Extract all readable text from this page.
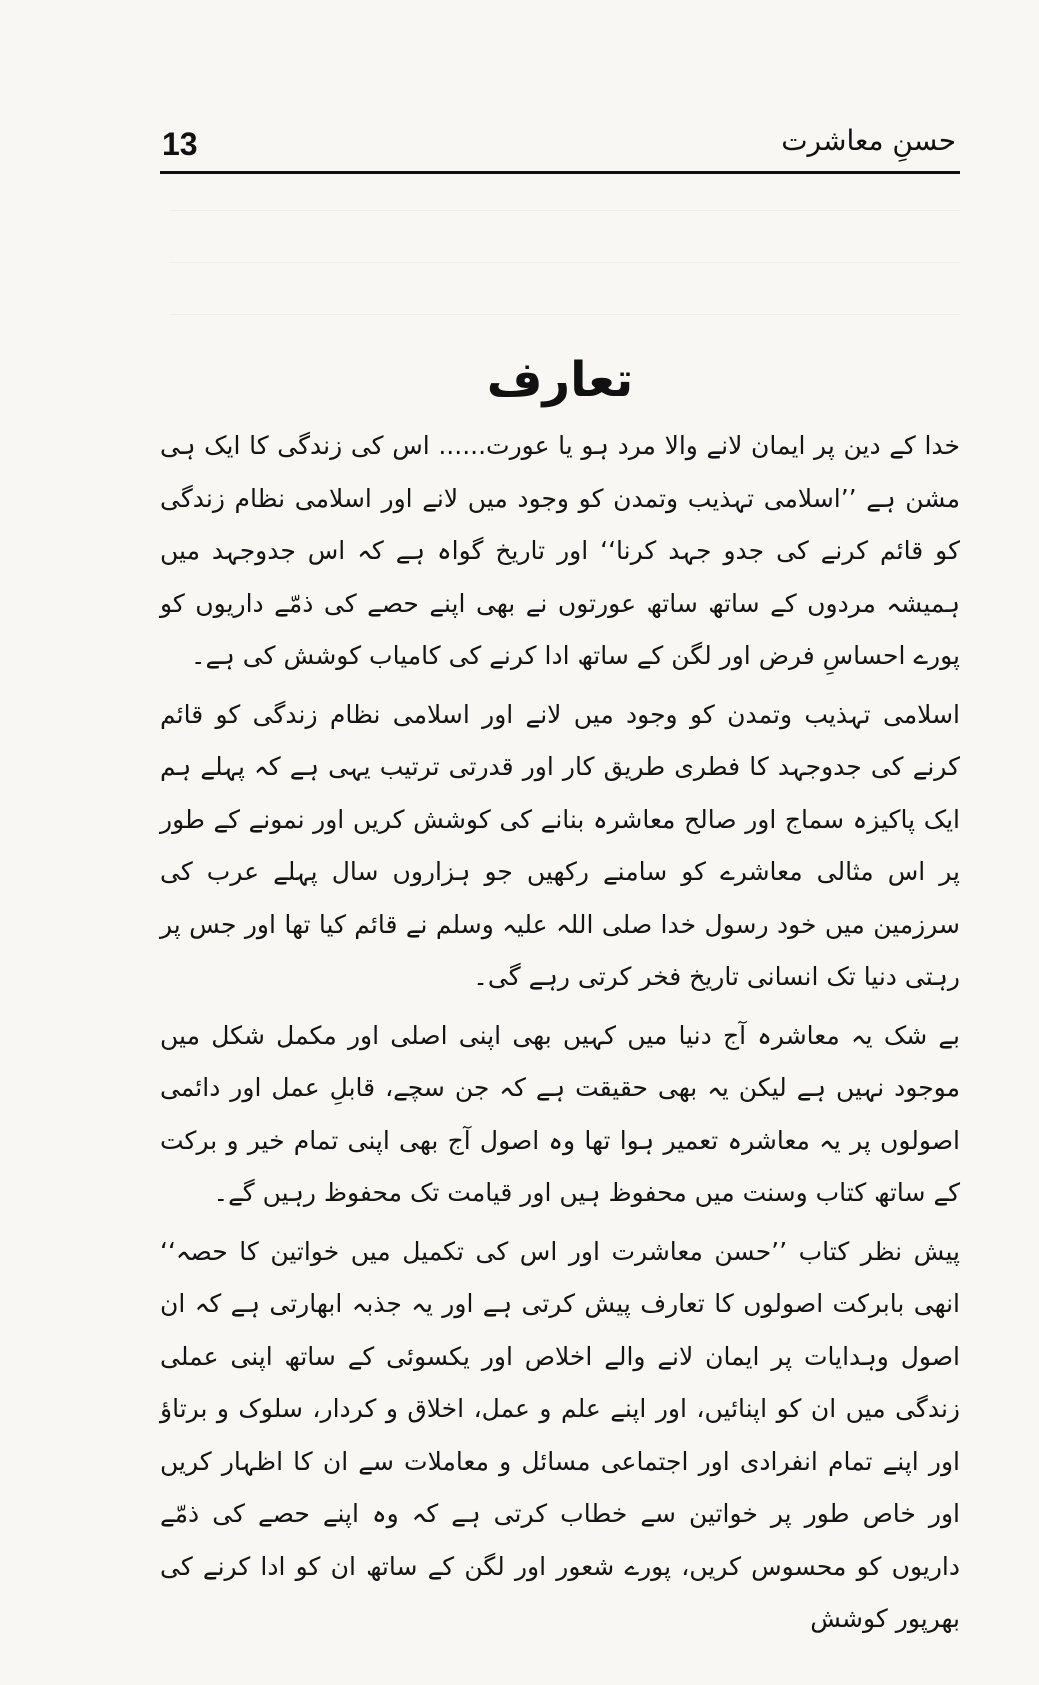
13	حسنِ معاشرت
تعارف

خدا کے دین پر ایمان لانے والا مرد ہو یا عورت...... اس کی زندگی کا ایک ہی مشن ہے ’’اسلامی تہذیب وتمدن کو وجود میں لانے اور اسلامی نظام زندگی کو قائم کرنے کی جدو جہد کرنا‘‘ اور تاریخ گواہ ہے کہ اس جدوجہد میں ہمیشہ مردوں کے ساتھ ساتھ عورتوں نے بھی اپنے حصے کی ذمّے داریوں کو پورے احساسِ فرض اور لگن کے ساتھ ادا کرنے کی کامیاب کوشش کی ہے۔

اسلامی تہذیب وتمدن کو وجود میں لانے اور اسلامی نظام زندگی کو قائم کرنے کی جدوجہد کا فطری طریق کار اور قدرتی ترتیب یہی ہے کہ پہلے ہم ایک پاکیزہ سماج اور صالح معاشرہ بنانے کی کوشش کریں اور نمونے کے طور پر اس مثالی معاشرے کو سامنے رکھیں جو ہزاروں سال پہلے عرب کی سرزمین میں خود رسول خدا صلی اللہ علیہ وسلم نے قائم کیا تھا اور جس پر رہتی دنیا تک انسانی تاریخ فخر کرتی رہے گی۔

بے شک یہ معاشرہ آج دنیا میں کہیں بھی اپنی اصلی اور مکمل شکل میں موجود نہیں ہے لیکن یہ بھی حقیقت ہے کہ جن سچے، قابلِ عمل اور دائمی اصولوں پر یہ معاشرہ تعمیر ہوا تھا وہ اصول آج بھی اپنی تمام خیر و برکت کے ساتھ کتاب وسنت میں محفوظ ہیں اور قیامت تک محفوظ رہیں گے۔

پیش نظر کتاب ’’حسن معاشرت اور اس کی تکمیل میں خواتین کا حصہ‘‘ انھی بابرکت اصولوں کا تعارف پیش کرتی ہے اور یہ جذبہ ابھارتی ہے کہ ان اصول وہدایات پر ایمان لانے والے اخلاص اور یکسوئی کے ساتھ اپنی عملی زندگی میں ان کو اپنائیں، اور اپنے علم و عمل، اخلاق و کردار، سلوک و برتاؤ اور اپنے تمام انفرادی اور اجتماعی مسائل و معاملات سے ان کا اظہار کریں اور خاص طور پر خواتین سے خطاب کرتی ہے کہ وہ اپنے حصے کی ذمّے داریوں کو محسوس کریں، پورے شعور اور لگن کے ساتھ ان کو ادا کرنے کی بھرپور کوشش
